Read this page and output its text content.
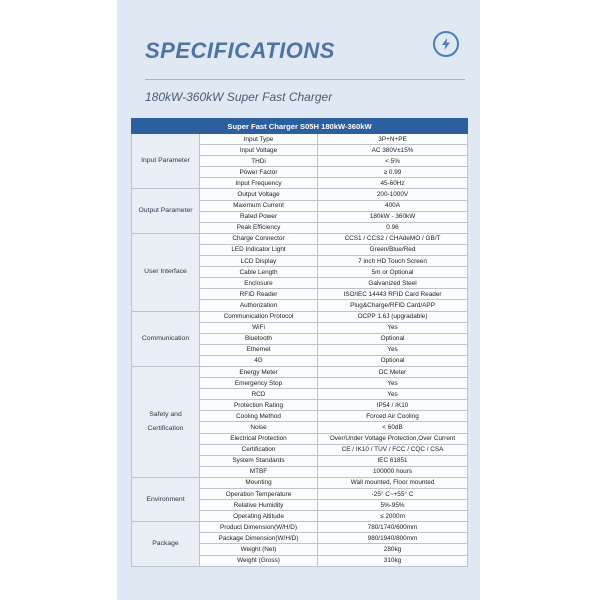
SPECIFICATIONS
180kW-360kW Super Fast Charger
Super Fast Charger S05H 180kW-360kW		
Input Parameter	Input Type	3P+N+PE
	Input Voltage	AC 380V±15%
	THDi	< 5%
	Power Factor	≥ 0.99
	Input Frequency	45-60Hz
Output Parameter	Output Voltage	200-1000V
	Maximum Current	400A
	Rated Power	180kW - 360kW
	Peak Efficiency	0.96
User Interface	Charge Connector	CCS1 / CCS2 / CHAdeMO / GB/T
	LED Indicator Light	Green/Blue/Red
	LCD Display	7 inch HD Touch Screen
	Cable Length	5m or Optional
	Enclosure	Galvanized Steel
	RFID Reader	ISO/IEC 14443 RFID Card Reader
	Authorization	Plug&Charge/RFID Card/APP
Communication	Communication Protocol	OCPP 1.6J (upgradable)
	WiFi	Yes
	Bluetooth	Optional
	Ethernet	Yes
	4G	Optional
Safety and
Certification	Energy Meter	DC Meter
	Emergency Stop	Yes
	RCD	Yes
	Protection Rating	IP54 / IK10
	Cooling Method	Forced Air Cooling
	Noise	< 60dB
	Electrical Protection	Over/Under Voltage Protection,Over Current
	Certification	CE / IK10 / TUV / FCC / CQC / CSA
	System Standards	IEC 61851
	MTBF	100000 hours
Environment	Mounting	Wall mounted, Floor mounted
	Operation Temperature	-25° C~+55° C
	Relative Humidity	5%-95%
	Operating Altitude	≤ 2000m
Package	Product Dimension(W/H/D)	780/1740/600mm
	Package Dimension(W/H/D)	980/1940/800mm
	Weight (Net)	280kg
	Weight (Gross)	310kg
